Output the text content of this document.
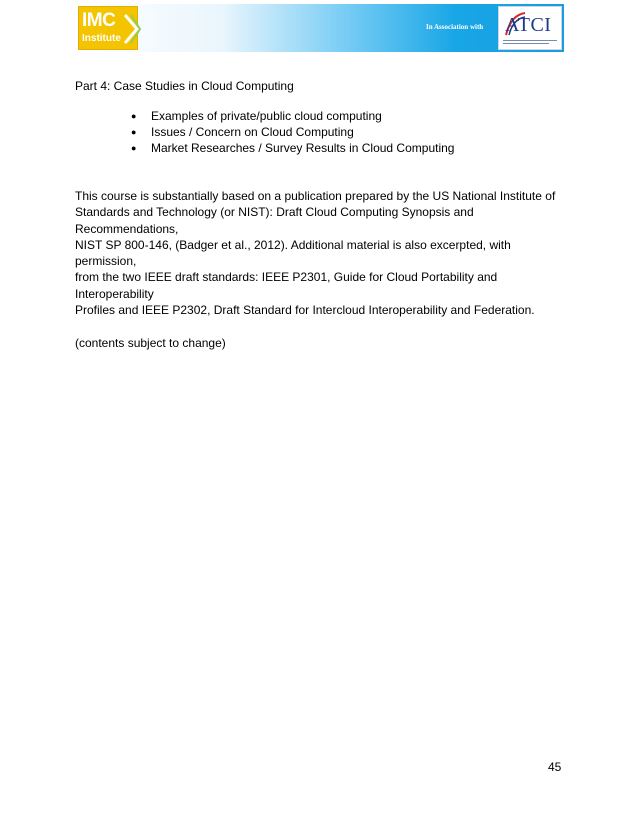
IMC
Institute
In Association with ATCI

Part 4: Case Studies in Cloud Computing

● Examples of private/public cloud computing
● Issues / Concern on Cloud Computing
● Market Researches / Survey Results in Cloud Computing

This course is substantially based on a publication prepared by the US National Institute of
Standards and Technology (or NIST): Draft Cloud Computing Synopsis and Recommendations,
NIST SP 800-146, (Badger et al., 2012). Additional material is also excerpted, with permission,
from the two IEEE draft standards: IEEE P2301, Guide for Cloud Portability and Interoperability
Profiles and IEEE P2302, Draft Standard for Intercloud Interoperability and Federation.

(contents subject to change)

45
